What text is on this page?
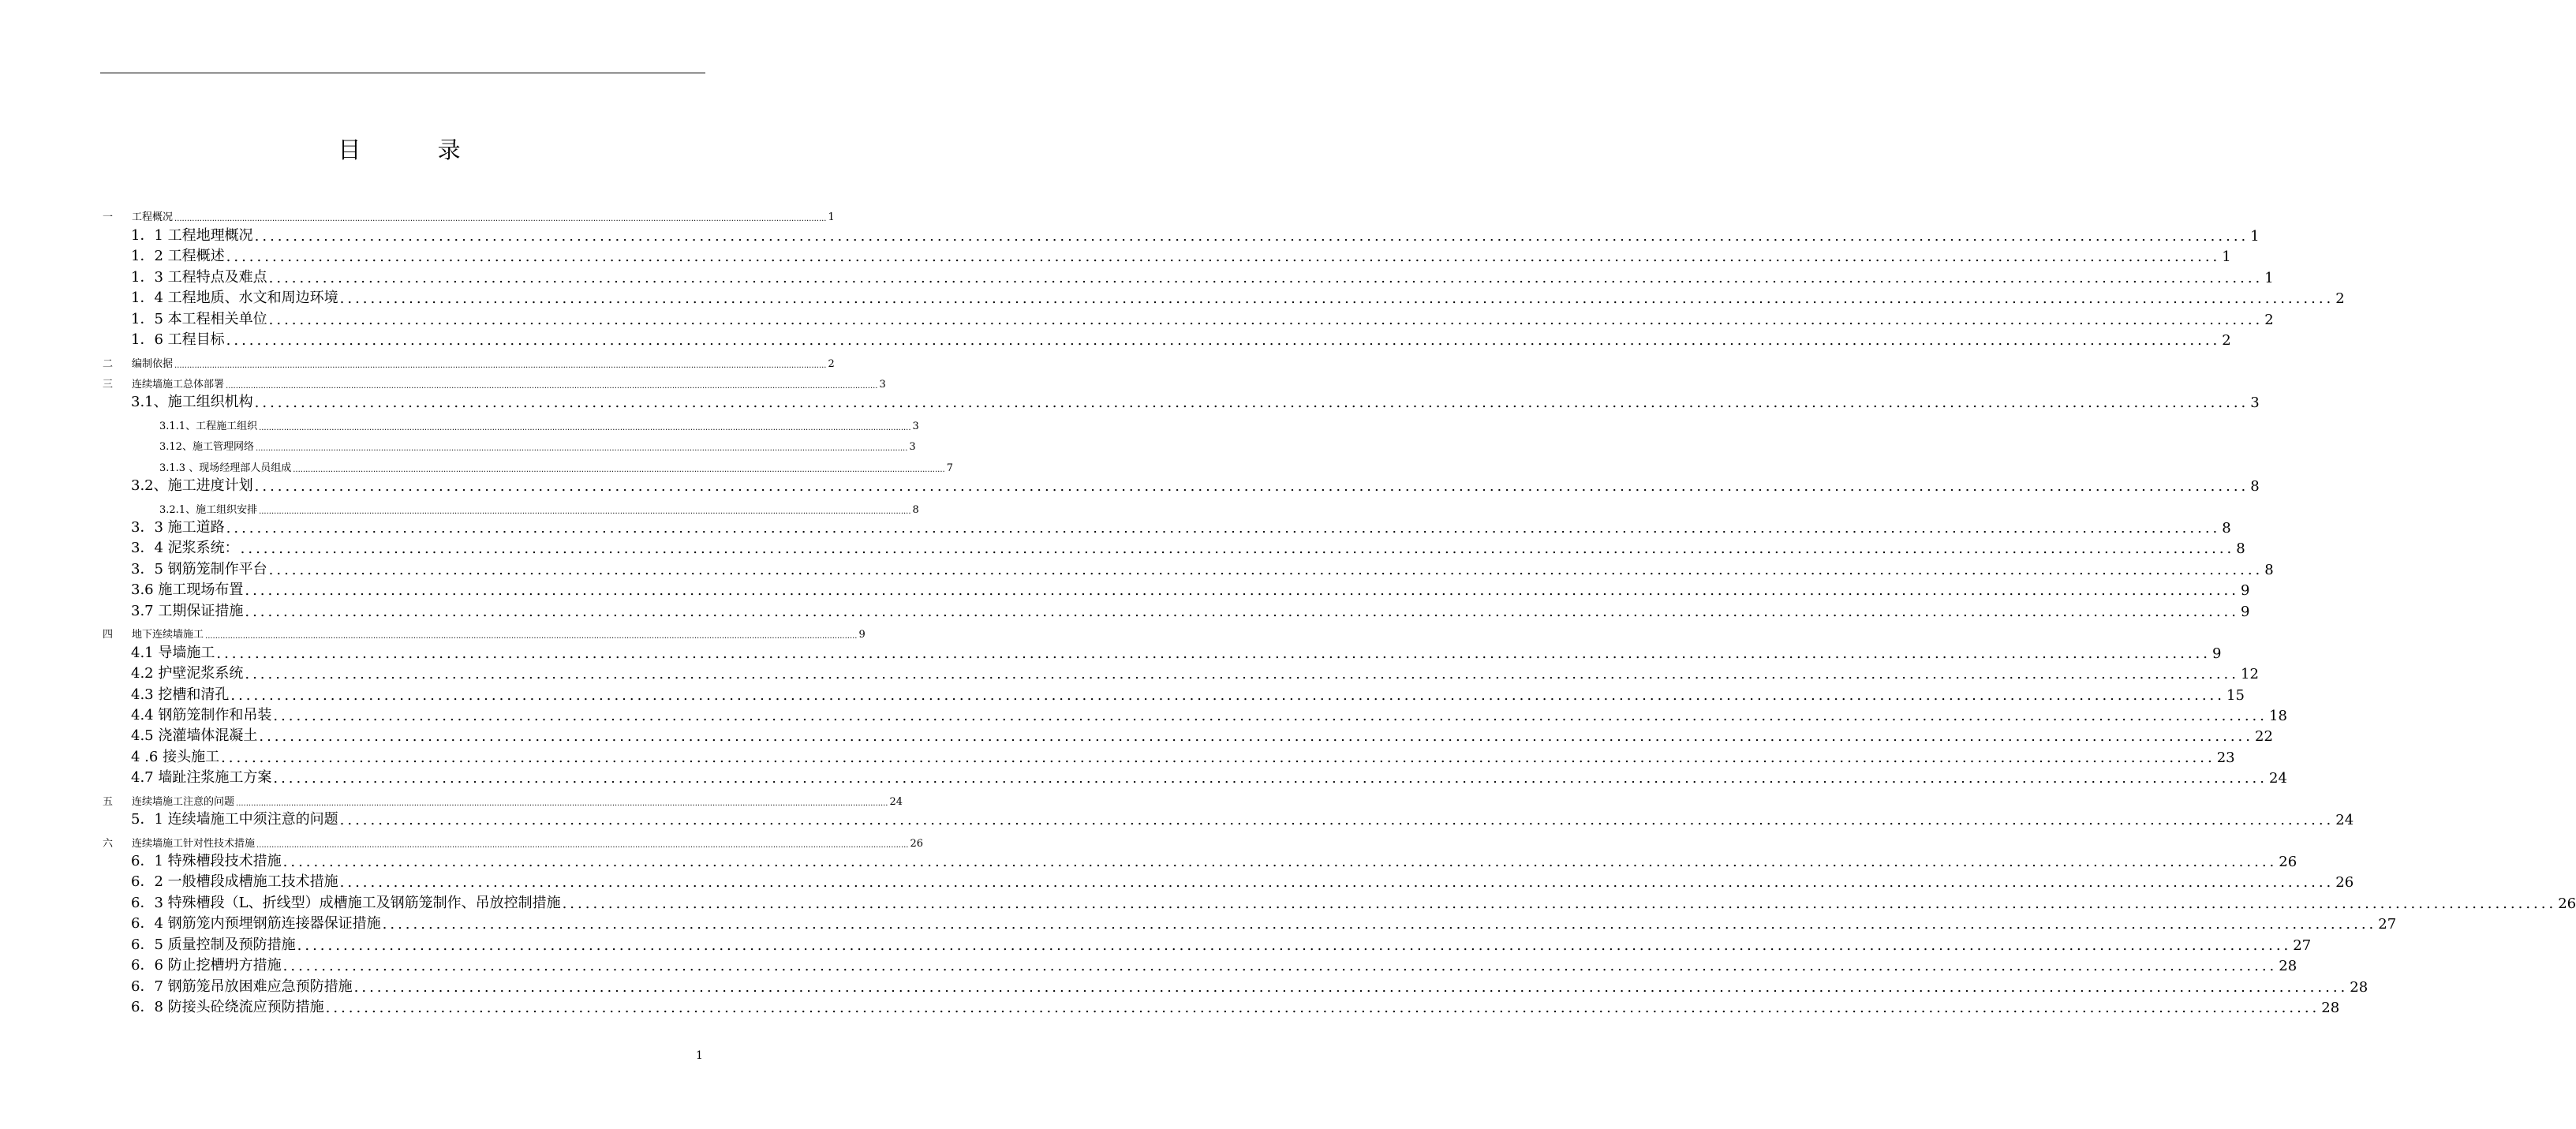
目 录
一	工程概况 .................................................................................................................................................................................................................................................................... 1
1．1 工程地理概况 .................................................................................................................................................................................................................................................................... 1
1．2 工程概述 .................................................................................................................................................................................................................................................................... 1
1．3 工程特点及难点 .................................................................................................................................................................................................................................................................... 1
1．4 工程地质、水文和周边环境 .................................................................................................................................................................................................................................................................... 2
1．5 本工程相关单位 .................................................................................................................................................................................................................................................................... 2
1．6 工程目标 .................................................................................................................................................................................................................................................................... 2
二	编制依据 .................................................................................................................................................................................................................................................................... 2
三	连续墙施工总体部署 .................................................................................................................................................................................................................................................................... 3
3.1、施工组织机构 .................................................................................................................................................................................................................................................................... 3
3.1.1、工程施工组织 .................................................................................................................................................................................................................................................................... 3
3.12、施工管理网络 .................................................................................................................................................................................................................................................................... 3
3.1.3 、现场经理部人员组成 .................................................................................................................................................................................................................................................................... 7
3.2、施工进度计划 .................................................................................................................................................................................................................................................................... 8
3.2.1、施工组织安排 .................................................................................................................................................................................................................................................................... 8
3．3 施工道路 .................................................................................................................................................................................................................................................................... 8
3．4 泥浆系统： .................................................................................................................................................................................................................................................................... 8
3．5 钢筋笼制作平台 .................................................................................................................................................................................................................................................................... 8
3.6 施工现场布置 .................................................................................................................................................................................................................................................................... 9
3.7 工期保证措施 .................................................................................................................................................................................................................................................................... 9
四	地下连续墙施工 .................................................................................................................................................................................................................................................................... 9
4.1 导墙施工 .................................................................................................................................................................................................................................................................... 9
4.2 护壁泥浆系统 .................................................................................................................................................................................................................................................................... 12
4.3 挖槽和清孔 .................................................................................................................................................................................................................................................................... 15
4.4 钢筋笼制作和吊装 .................................................................................................................................................................................................................................................................... 18
4.5 浇灌墙体混凝土 .................................................................................................................................................................................................................................................................... 22
4 .6 接头施工 .................................................................................................................................................................................................................................................................... 23
4.7 墙趾注浆施工方案 .................................................................................................................................................................................................................................................................... 24
五	连续墙施工注意的问题 .................................................................................................................................................................................................................................................................... 24
5．1 连续墙施工中须注意的问题 .................................................................................................................................................................................................................................................................... 24
六	连续墙施工针对性技术措施 .................................................................................................................................................................................................................................................................... 26
6．1 特殊槽段技术措施 .................................................................................................................................................................................................................................................................... 26
6．2 一般槽段成槽施工技术措施 .................................................................................................................................................................................................................................................................... 26
6．3 特殊槽段（L、折线型）成槽施工及钢筋笼制作、吊放控制措施 .................................................................................................................................................................................................................................................................... 26
6．4 钢筋笼内预埋钢筋连接器保证措施 .................................................................................................................................................................................................................................................................... 27
6．5 质量控制及预防措施 .................................................................................................................................................................................................................................................................... 27
6．6 防止挖槽坍方措施 .................................................................................................................................................................................................................................................................... 28
6．7 钢筋笼吊放困难应急预防措施 .................................................................................................................................................................................................................................................................... 28
6．8 防接头砼绕流应预防措施 .................................................................................................................................................................................................................................................................... 28
1
